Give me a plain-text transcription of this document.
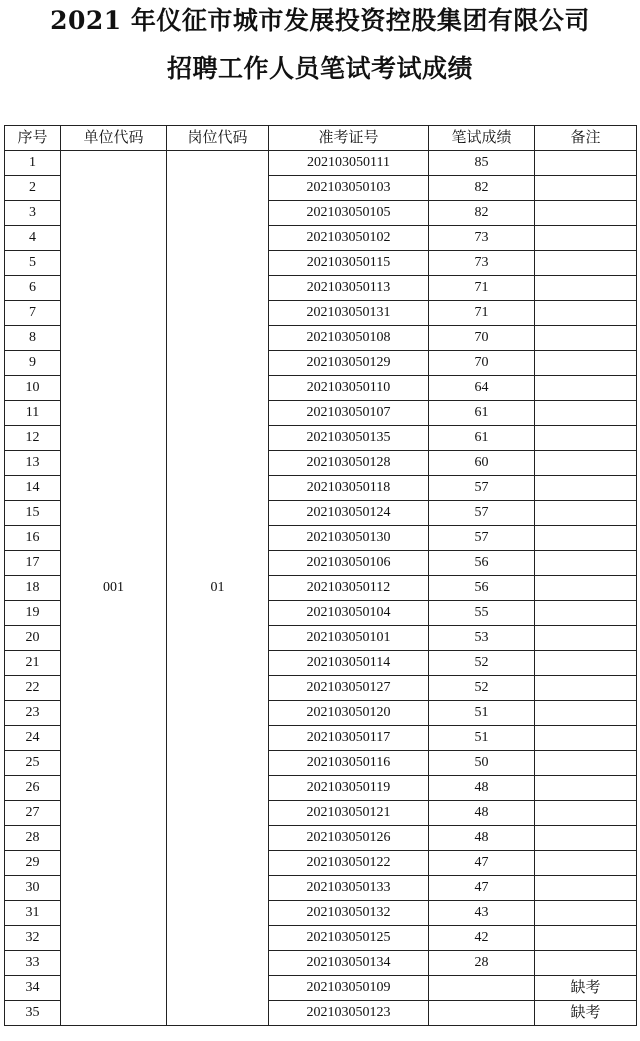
2021 年仪征市城市发展投资控股集团有限公司
招聘工作人员笔试考试成绩
序号	单位代码	岗位代码	准考证号	笔试成绩	备注
1	001	01	202103050111	85	
2			202103050103	82	
3			202103050105	82	
4			202103050102	73	
5			202103050115	73	
6			202103050113	71	
7			202103050131	71	
8			202103050108	70	
9			202103050129	70	
10			202103050110	64	
11			202103050107	61	
12			202103050135	61	
13			202103050128	60	
14			202103050118	57	
15			202103050124	57	
16			202103050130	57	
17			202103050106	56	
18			202103050112	56	
19			202103050104	55	
20			202103050101	53	
21			202103050114	52	
22			202103050127	52	
23			202103050120	51	
24			202103050117	51	
25			202103050116	50	
26			202103050119	48	
27			202103050121	48	
28			202103050126	48	
29			202103050122	47	
30			202103050133	47	
31			202103050132	43	
32			202103050125	42	
33			202103050134	28	
34			202103050109		缺考
35			202103050123		缺考
